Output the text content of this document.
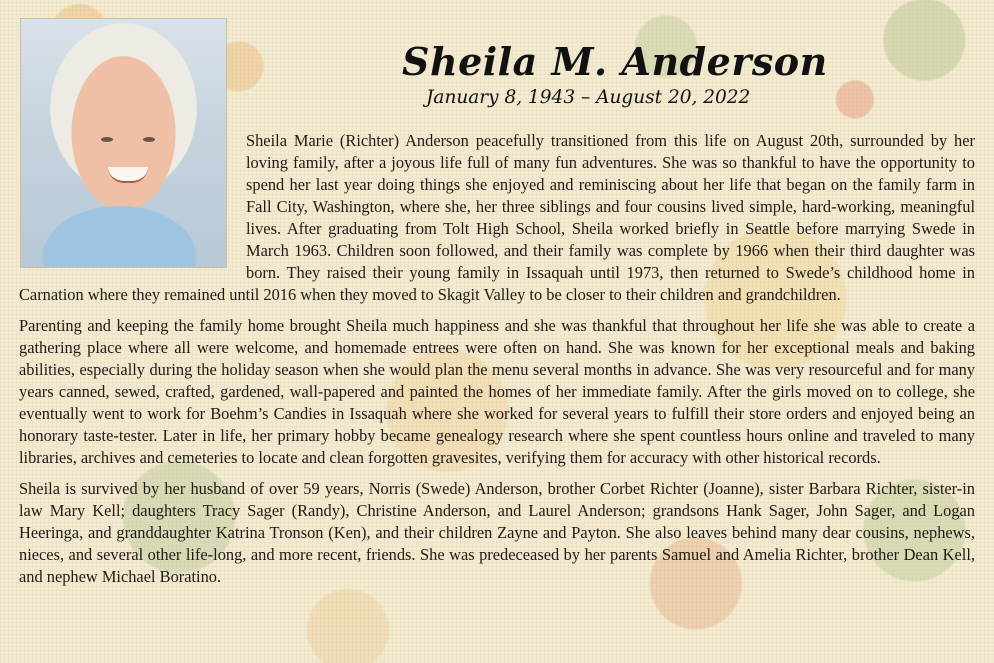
Sheila M. Anderson
January 8, 1943 – August 20, 2022

Sheila Marie (Richter) Anderson peacefully transitioned from this life on August 20th, surrounded by her loving family, after a joyous life full of many fun adventures. She was so thankful to have the opportunity to spend her last year doing things she enjoyed and reminiscing about her life that began on the family farm in Fall City, Washington, where she, her three siblings and four cousins lived simple, hard-working, meaningful lives. After graduating from Tolt High School, Sheila worked briefly in Seattle before marrying Swede in March 1963. Children soon followed, and their family was complete by 1966 when their third daughter was born. They raised their young family in Issaquah until 1973, then returned to Swede’s childhood home in Carnation where they remained until 2016 when they moved to Skagit Valley to be closer to their children and grandchildren.

Parenting and keeping the family home brought Sheila much happiness and she was thankful that throughout her life she was able to create a gathering place where all were welcome, and homemade entrees were often on hand. She was known for her exceptional meals and baking abilities, especially during the holiday season when she would plan the menu several months in advance. She was very resourceful and for many years canned, sewed, crafted, gardened, wall-papered and painted the homes of her immediate family. After the girls moved on to college, she eventually went to work for Boehm’s Candies in Issaquah where she worked for several years to fulfill their store orders and enjoyed being an honorary taste-tester. Later in life, her primary hobby became genealogy research where she spent countless hours online and traveled to many libraries, archives and cemeteries to locate and clean forgotten gravesites, verifying them for accuracy with other historical records.

Sheila is survived by her husband of over 59 years, Norris (Swede) Anderson, brother Corbet Richter (Joanne), sister Barbara Richter, sister-in law Mary Kell; daughters Tracy Sager (Randy), Christine Anderson, and Laurel Anderson; grandsons Hank Sager, John Sager, and Logan Heeringa, and granddaughter Katrina Tronson (Ken), and their children Zayne and Payton. She also leaves behind many dear cousins, nephews, nieces, and several other life-long, and more recent, friends. She was predeceased by her parents Samuel and Amelia Richter, brother Dean Kell, and nephew Michael Boratino.
